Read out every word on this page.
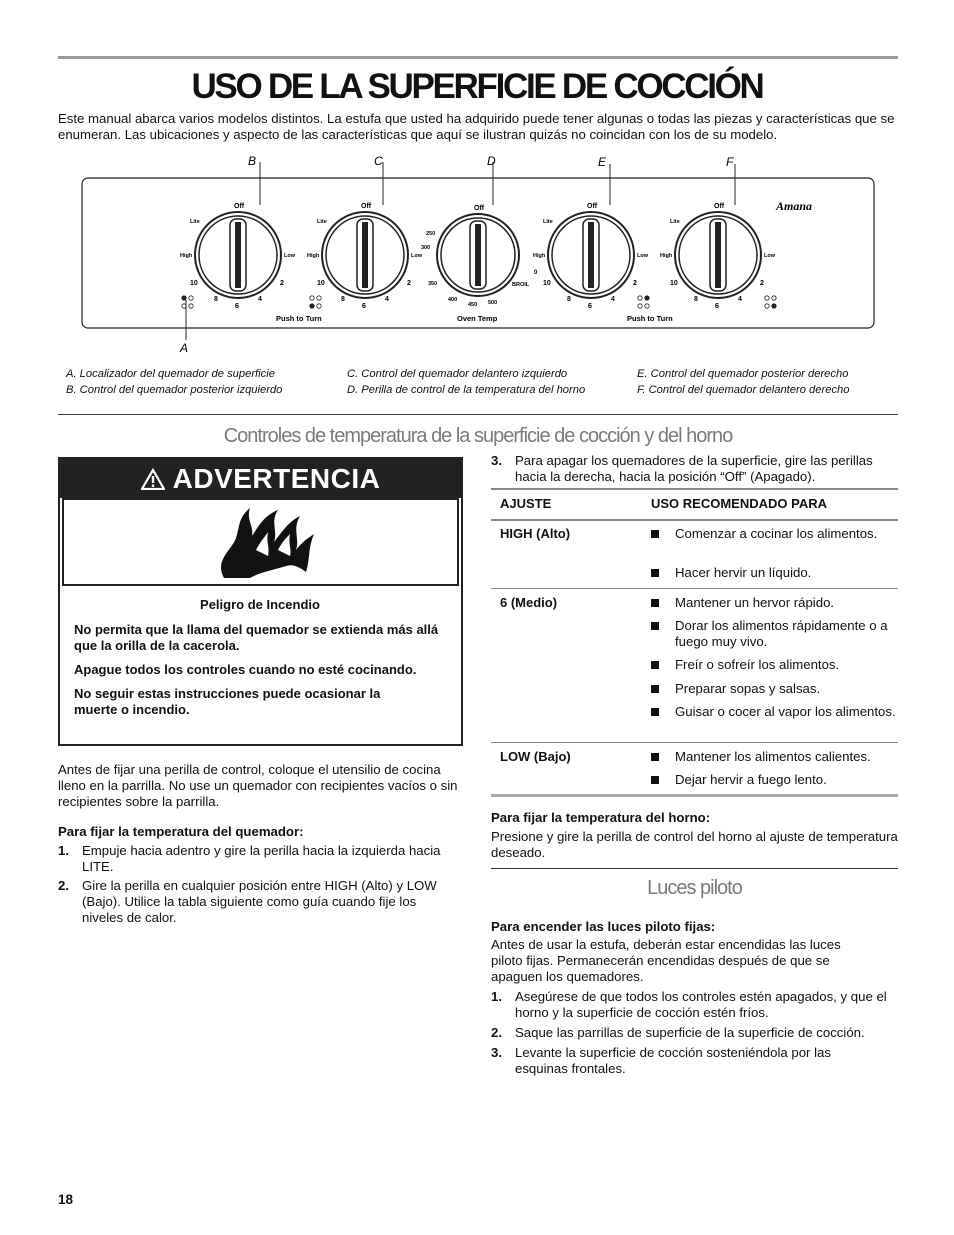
USO DE LA SUPERFICIE DE COCCIÓN
Este manual abarca varios modelos distintos. La estufa que usted ha adquirido puede tener algunas o todas las piezas y características que se enumeran. Las ubicaciones y aspecto de las características que aquí se ilustran quizás no coincidan con los de su modelo.
B	C	D	E	F
A
Amana
Off
Lite
High	Low
10
8
6
4
2
Off
Lite
High	Low
10
8
6
4
2
Off
250
300
350
400
450 500
BROIL
0
Off
Lite
High	Low
10
8
6
4
2
Off
Lite
High	Low
10
8
6
4
2
Push to Turn	Oven Temp	Push to Turn
A. Localizador del quemador de superficie
B. Control del quemador posterior izquierdo
C. Control del quemador delantero izquierdo
D. Perilla de control de la temperatura del horno
E. Control del quemador posterior derecho
F. Control del quemador delantero derecho
Controles de temperatura de la superficie de cocción y del horno
ADVERTENCIA
Peligro de Incendio

No permita que la llama del quemador se extienda más allá que la orilla de la cacerola.

Apague todos los controles cuando no esté cocinando.

No seguir estas instrucciones puede ocasionar la muerte o incendio.

Antes de fijar una perilla de control, coloque el utensilio de cocina lleno en la parrilla. No use un quemador con recipientes vacíos o sin recipientes sobre la parrilla.
Para fijar la temperatura del quemador:
1. Empuje hacia adentro y gire la perilla hacia la izquierda hacia LITE.
2. Gire la perilla en cualquier posición entre HIGH (Alto) y LOW (Bajo). Utilice la tabla siguiente como guía cuando fije los niveles de calor.
3. Para apagar los quemadores de la superficie, gire las perillas hacia la derecha, hacia la posición “Off” (Apagado).
AJUSTE	USO RECOMENDADO PARA
HIGH (Alto)	Comenzar a cocinar los alimentos.
Hacer hervir un líquido.
6 (Medio)	Mantener un hervor rápido.
Dorar los alimentos rápidamente o a fuego muy vivo.
Freír o sofreír los alimentos.
Preparar sopas y salsas.
Guisar o cocer al vapor los alimentos.
LOW (Bajo)	Mantener los alimentos calientes.
Dejar hervir a fuego lento.
Para fijar la temperatura del horno:
Presione y gire la perilla de control del horno al ajuste de temperatura deseado.
Luces piloto
Para encender las luces piloto fijas:
Antes de usar la estufa, deberán estar encendidas las luces piloto fijas. Permanecerán encendidas después de que se apaguen los quemadores.
1. Asegúrese de que todos los controles estén apagados, y que el horno y la superficie de cocción estén fríos.
2. Saque las parrillas de superficie de la superficie de cocción.
3. Levante la superficie de cocción sosteniéndola por las esquinas frontales.
18
